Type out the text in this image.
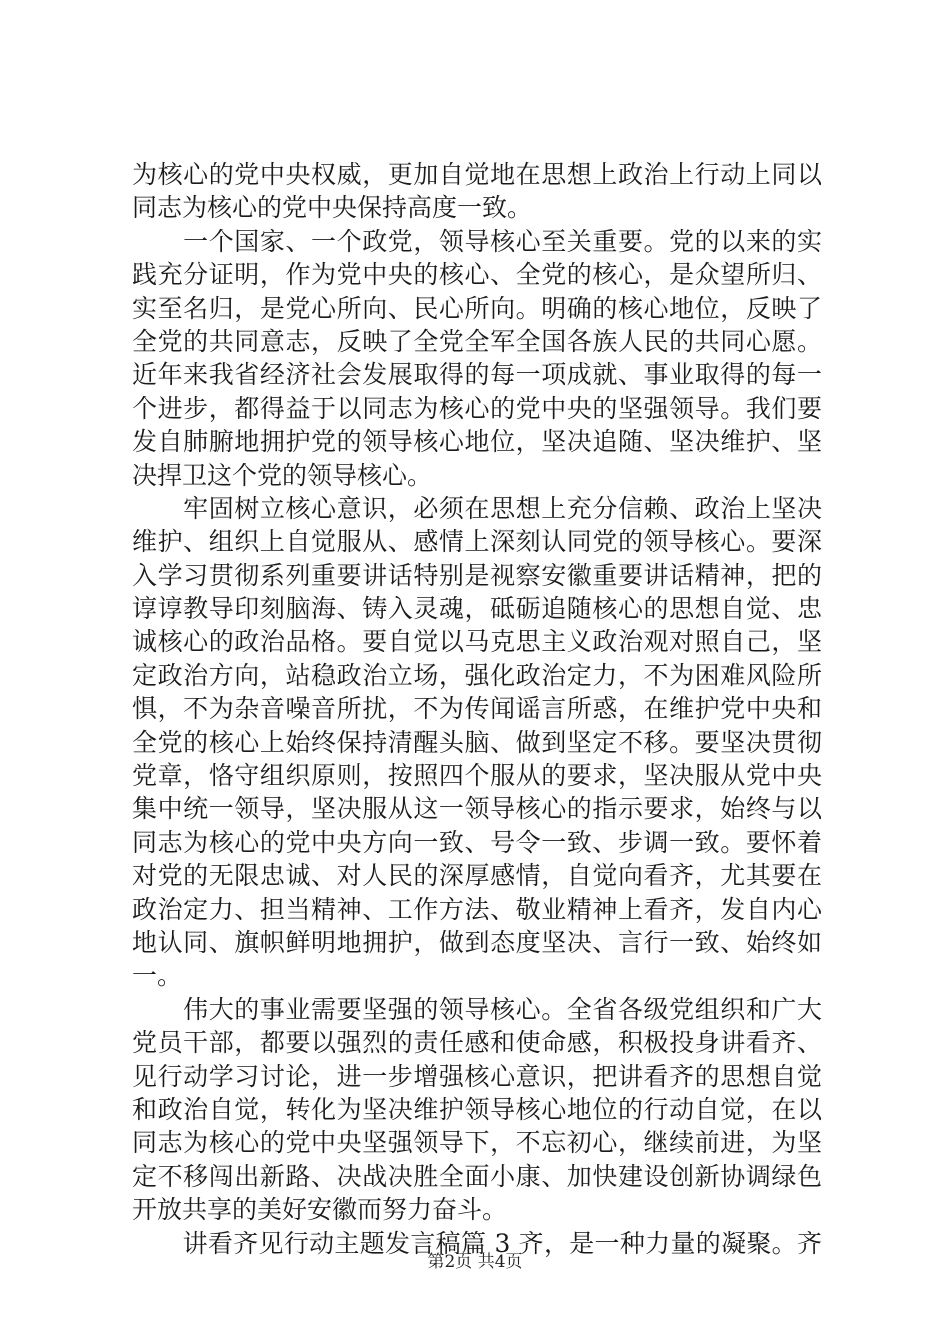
为核心的党中央权威，更加自觉地在思想上政治上行动上同以
同志为核心的党中央保持高度一致。
　　一个国家、一个政党，领导核心至关重要。党的以来的实
践充分证明，作为党中央的核心、全党的核心，是众望所归、
实至名归，是党心所向、民心所向。明确的核心地位，反映了
全党的共同意志，反映了全党全军全国各族人民的共同心愿。
近年来我省经济社会发展取得的每一项成就、事业取得的每一
个进步，都得益于以同志为核心的党中央的坚强领导。我们要
发自肺腑地拥护党的领导核心地位，坚决追随、坚决维护、坚
决捍卫这个党的领导核心。
　　牢固树立核心意识，必须在思想上充分信赖、政治上坚决
维护、组织上自觉服从、感情上深刻认同党的领导核心。要深
入学习贯彻系列重要讲话特别是视察安徽重要讲话精神，把的
谆谆教导印刻脑海、铸入灵魂，砥砺追随核心的思想自觉、忠
诚核心的政治品格。要自觉以马克思主义政治观对照自己，坚
定政治方向，站稳政治立场，强化政治定力，不为困难风险所
惧，不为杂音噪音所扰，不为传闻谣言所惑，在维护党中央和
全党的核心上始终保持清醒头脑、做到坚定不移。要坚决贯彻
党章，恪守组织原则，按照四个服从的要求，坚决服从党中央
集中统一领导，坚决服从这一领导核心的指示要求，始终与以
同志为核心的党中央方向一致、号令一致、步调一致。要怀着
对党的无限忠诚、对人民的深厚感情，自觉向看齐，尤其要在
政治定力、担当精神、工作方法、敬业精神上看齐，发自内心
地认同、旗帜鲜明地拥护，做到态度坚决、言行一致、始终如
一。
　　伟大的事业需要坚强的领导核心。全省各级党组织和广大
党员干部，都要以强烈的责任感和使命感，积极投身讲看齐、
见行动学习讨论，进一步增强核心意识，把讲看齐的思想自觉
和政治自觉，转化为坚决维护领导核心地位的行动自觉，在以
同志为核心的党中央坚强领导下，不忘初心，继续前进，为坚
定不移闯出新路、决战决胜全面小康、加快建设创新协调绿色
开放共享的美好安徽而努力奋斗。
　　讲看齐见行动主题发言稿篇 3 齐，是一种力量的凝聚。齐
第2页 共4页
